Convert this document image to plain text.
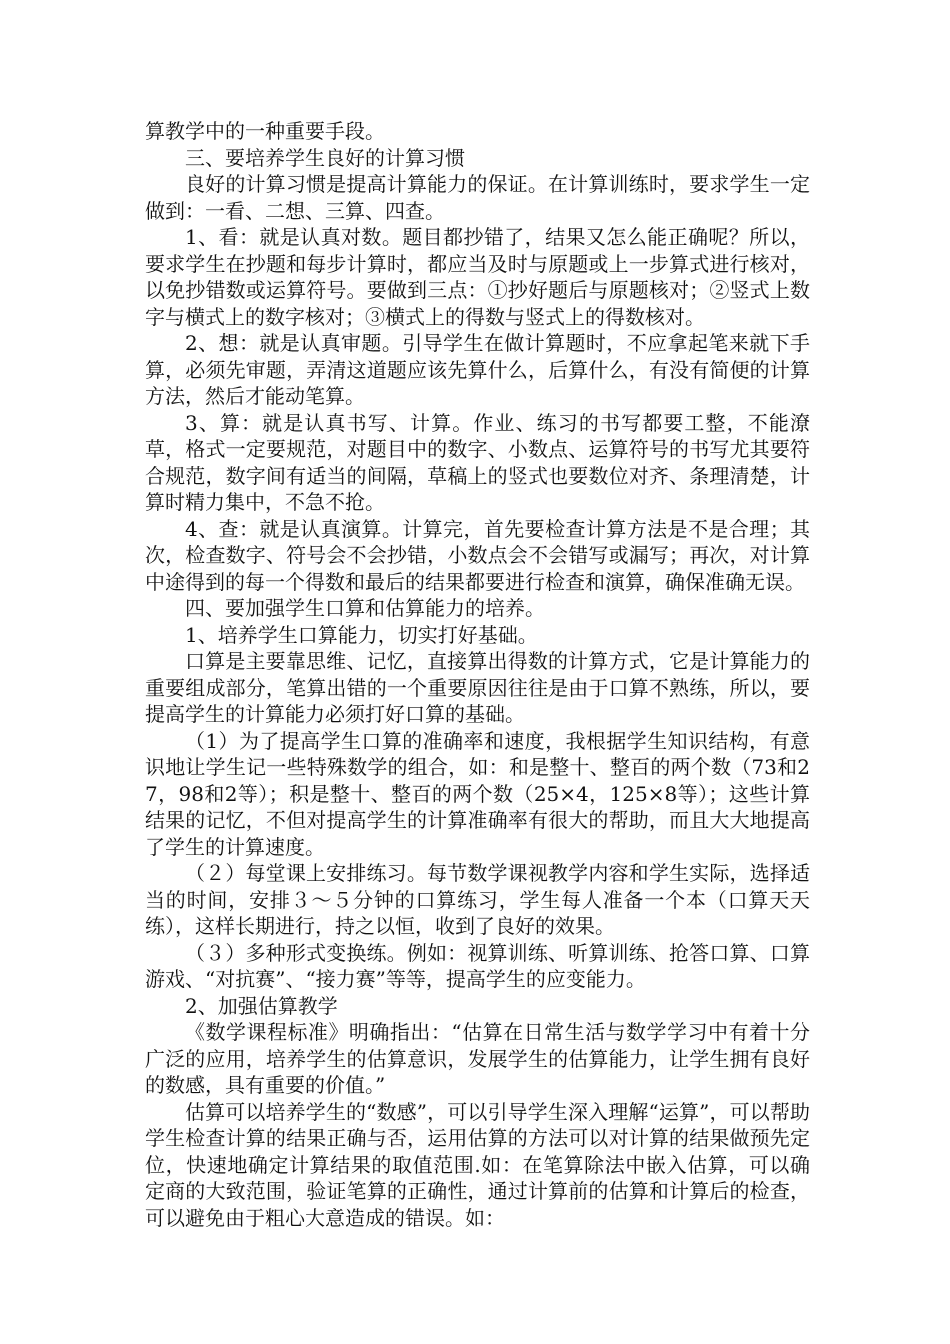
算教学中的一种重要手段。

三、要培养学生良好的计算习惯

良好的计算习惯是提高计算能力的保证。在计算训练时，要求学生一定做到：一看、二想、三算、四查。

1、看：就是认真对数。题目都抄错了，结果又怎么能正确呢？所以，要求学生在抄题和每步计算时，都应当及时与原题或上一步算式进行核对，以免抄错数或运算符号。要做到三点：①抄好题后与原题核对；②竖式上数字与横式上的数字核对；③横式上的得数与竖式上的得数核对。

2、想：就是认真审题。引导学生在做计算题时，不应拿起笔来就下手算，必须先审题，弄清这道题应该先算什么，后算什么，有没有简便的计算方法，然后才能动笔算。

3、算：就是认真书写、计算。作业、练习的书写都要工整，不能潦草，格式一定要规范，对题目中的数字、小数点、运算符号的书写尤其要符合规范，数字间有适当的间隔，草稿上的竖式也要数位对齐、条理清楚，计算时精力集中，不急不抢。

4、查：就是认真演算。计算完，首先要检查计算方法是不是合理；其次，检查数字、符号会不会抄错，小数点会不会错写或漏写；再次，对计算中途得到的每一个得数和最后的结果都要进行检查和演算，确保准确无误。

四、要加强学生口算和估算能力的培养。

1、培养学生口算能力，切实打好基础。

口算是主要靠思维、记忆，直接算出得数的计算方式，它是计算能力的重要组成部分，笔算出错的一个重要原因往往是由于口算不熟练，所以，要提高学生的计算能力必须打好口算的基础。

（1）为了提高学生口算的准确率和速度，我根据学生知识结构，有意识地让学生记一些特殊数学的组合，如：和是整十、整百的两个数（73和27，98和2等）；积是整十、整百的两个数（25×4，125×8等）；这些计算结果的记忆，不但对提高学生的计算准确率有很大的帮助，而且大大地提高了学生的计算速度。

（２）每堂课上安排练习。每节数学课视教学内容和学生实际，选择适当的时间，安排３～５分钟的口算练习，学生每人准备一个本（口算天天练），这样长期进行，持之以恒，收到了良好的效果。

（３）多种形式变换练。例如：视算训练、听算训练、抢答口算、口算游戏、“对抗赛”、“接力赛”等等，提高学生的应变能力。

2、加强估算教学

《数学课程标准》明确指出：“估算在日常生活与数学学习中有着十分广泛的应用，培养学生的估算意识，发展学生的估算能力，让学生拥有良好的数感，具有重要的价值。”

估算可以培养学生的“数感”，可以引导学生深入理解“运算”，可以帮助学生检查计算的结果正确与否，运用估算的方法可以对计算的结果做预先定位，快速地确定计算结果的取值范围.如：在笔算除法中嵌入估算，可以确定商的大致范围，验证笔算的正确性，通过计算前的估算和计算后的检查，可以避免由于粗心大意造成的错误。如：
